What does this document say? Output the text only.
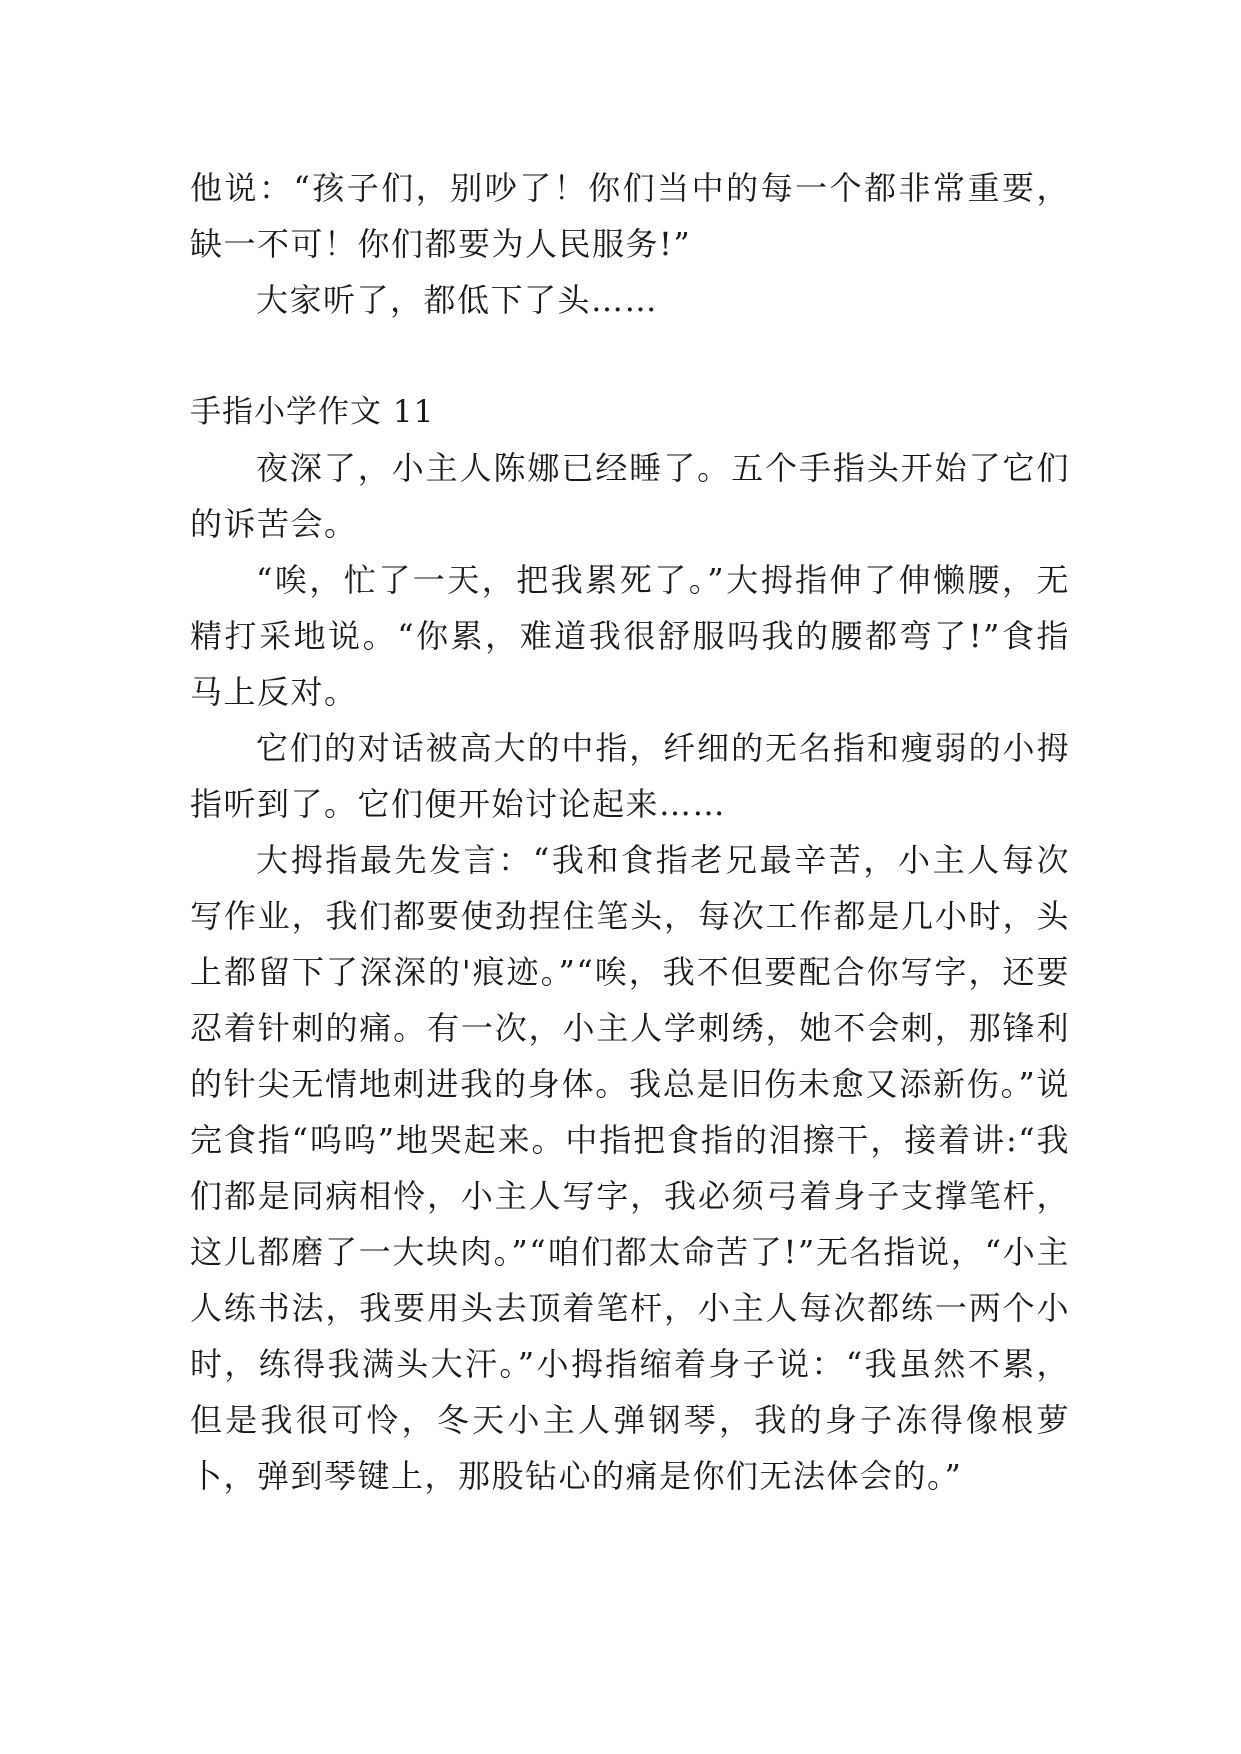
他说：“孩子们，别吵了！你们当中的每一个都非常重要，缺一不可！你们都要为人民服务!”

大家听了，都低下了头……

手指小学作文 11

夜深了，小主人陈娜已经睡了。五个手指头开始了它们的诉苦会。

“唉，忙了一天，把我累死了。”大拇指伸了伸懒腰，无精打采地说。“你累，难道我很舒服吗我的腰都弯了!”食指马上反对。

它们的对话被高大的中指，纤细的无名指和瘦弱的小拇指听到了。它们便开始讨论起来……

大拇指最先发言：“我和食指老兄最辛苦，小主人每次写作业，我们都要使劲捏住笔头，每次工作都是几小时，头上都留下了深深的'痕迹。”“唉，我不但要配合你写字，还要忍着针刺的痛。有一次，小主人学刺绣，她不会刺，那锋利的针尖无情地刺进我的身体。我总是旧伤未愈又添新伤。”说完食指“呜呜”地哭起来。中指把食指的泪擦干，接着讲:“我们都是同病相怜，小主人写字，我必须弓着身子支撑笔杆，这儿都磨了一大块肉。”“咱们都太命苦了!”无名指说，“小主人练书法，我要用头去顶着笔杆，小主人每次都练一两个小时，练得我满头大汗。”小拇指缩着身子说：“我虽然不累，但是我很可怜，冬天小主人弹钢琴，我的身子冻得像根萝卜，弹到琴键上，那股钻心的痛是你们无法体会的。”
